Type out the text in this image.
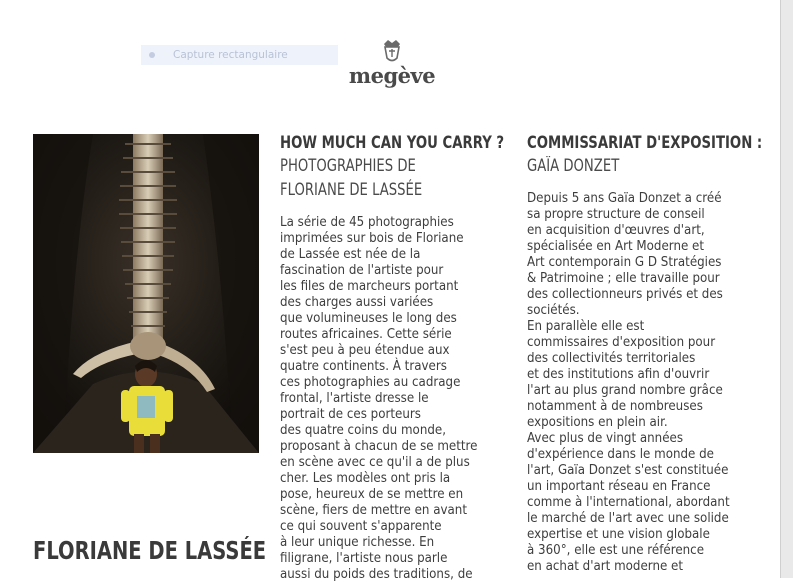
Capture rectangulaire
megève
FLORIANE DE LASSÉE
HOW MUCH CAN YOU CARRY ?
PHOTOGRAPHIES DE
FLORIANE DE LASSÉE
La série de 45 photographies
imprimées sur bois de Floriane
de Lassée est née de la
fascination de l'artiste pour
les files de marcheurs portant
des charges aussi variées
que volumineuses le long des
routes africaines. Cette série
s'est peu à peu étendue aux
quatre continents. À travers
ces photographies au cadrage
frontal, l'artiste dresse le
portrait de ces porteurs
des quatre coins du monde,
proposant à chacun de se mettre
en scène avec ce qu'il a de plus
cher. Les modèles ont pris la
pose, heureux de se mettre en
scène, fiers de mettre en avant
ce qui souvent s'apparente
à leur unique richesse. En
filigrane, l'artiste nous parle
aussi du poids des traditions, de
COMMISSARIAT D'EXPOSITION :
GAÏA DONZET
Depuis 5 ans Gaïa Donzet a créé
sa propre structure de conseil
en acquisition d'œuvres d'art,
spécialisée en Art Moderne et
Art contemporain G D Stratégies
& Patrimoine ; elle travaille pour
des collectionneurs privés et des
sociétés.
En parallèle elle est
commissaires d'exposition pour
des collectivités territoriales
et des institutions afin d'ouvrir
l'art au plus grand nombre grâce
notamment à de nombreuses
expositions en plein air.
Avec plus de vingt années
d'expérience dans le monde de
l'art, Gaïa Donzet s'est constituée
un important réseau en France
comme à l'international, abordant
le marché de l'art avec une solide
expertise et une vision globale
à 360°, elle est une référence
en achat d'art moderne et
